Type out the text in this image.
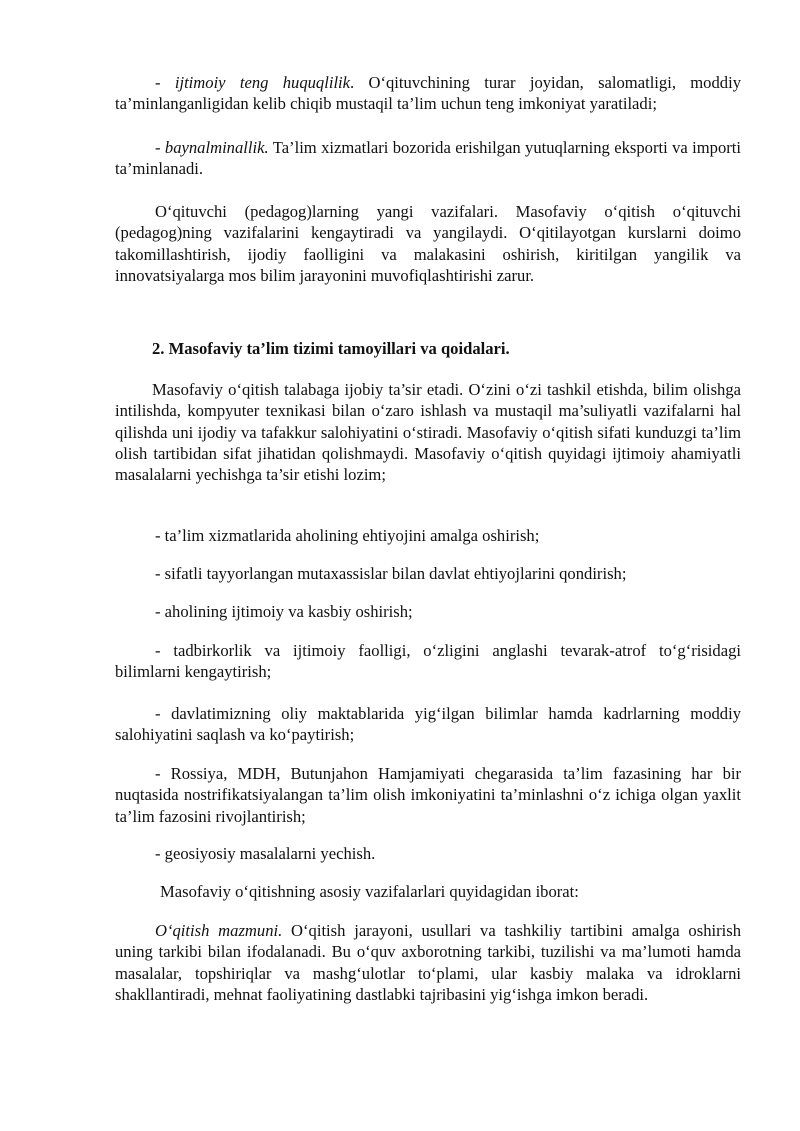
- ijtimoiy teng huquqlilik. O‘qituvchining turar joyidan, salomatligi, moddiy ta’minlanganligidan kelib chiqib mustaqil ta’lim uchun teng imkoniyat yaratiladi;

- baynalminallik. Ta’lim xizmatlari bozorida erishilgan yutuqlarning eksporti va importi ta’minlanadi.

O‘qituvchi (pedagog)larning yangi vazifalari. Masofaviy o‘qitish o‘qituvchi (pedagog)ning vazifalarini kengaytiradi va yangilaydi. O‘qitilayotgan kurslarni doimo takomillashtirish, ijodiy faolligini va malakasini oshirish, kiritilgan yangilik va innovatsiyalarga mos bilim jarayonini muvofiqlashtirishi zarur.

2. Masofaviy ta’lim tizimi tamoyillari va qoidalari.

Masofaviy o‘qitish talabaga ijobiy ta’sir etadi. O‘zini o‘zi tashkil etishda, bilim olishga intilishda, kompyuter texnikasi bilan o‘zaro ishlash va mustaqil ma’suliyatli vazifalarni hal qilishda uni ijodiy va tafakkur salohiyatini o‘stiradi. Masofaviy o‘qitish sifati kunduzgi ta’lim olish tartibidan sifat jihatidan qolishmaydi. Masofaviy o‘qitish quyidagi ijtimoiy ahamiyatli masalalarni yechishga ta’sir etishi lozim;

- ta’lim xizmatlarida aholining ehtiyojini amalga oshirish;

- sifatli tayyorlangan mutaxassislar bilan davlat ehtiyojlarini qondirish;

- aholining ijtimoiy va kasbiy oshirish;

- tadbirkorlik va ijtimoiy faolligi, o‘zligini anglashi tevarak-atrof to‘g‘risidagi bilimlarni kengaytirish;

- davlatimizning oliy maktablarida yig‘ilgan bilimlar hamda kadrlarning moddiy salohiyatini saqlash va ko‘paytirish;

- Rossiya, MDH, Butunjahon Hamjamiyati chegarasida ta’lim fazasining har bir nuqtasida nostrifikatsiyalangan ta’lim olish imkoniyatini ta’minlashni o‘z ichiga olgan yaxlit ta’lim fazosini rivojlantirish;

- geosiyosiy masalalarni yechish.

Masofaviy o‘qitishning asosiy vazifalarlari quyidagidan iborat:

O‘qitish mazmuni. O‘qitish jarayoni, usullari va tashkiliy tartibini amalga oshirish uning tarkibi bilan ifodalanadi. Bu o‘quv axborotning tarkibi, tuzilishi va ma’lumoti hamda masalalar, topshiriqlar va mashg‘ulotlar to‘plami, ular kasbiy malaka va idroklarni shakllantiradi, mehnat faoliyatining dastlabki tajribasini yig‘ishga imkon beradi.
